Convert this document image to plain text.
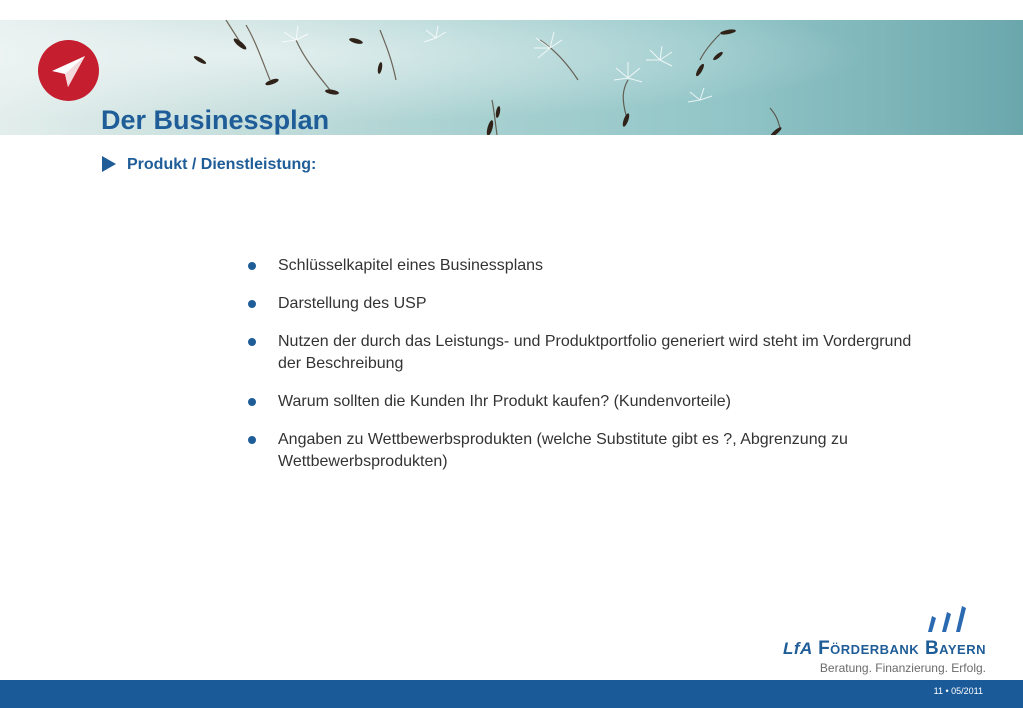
Der Businessplan
Produkt / Dienstleistung:
Schlüsselkapitel eines Businessplans
Darstellung des USP
Nutzen der durch das Leistungs- und Produktportfolio generiert wird steht im Vordergrund der Beschreibung
Warum sollten die Kunden Ihr Produkt kaufen? (Kundenvorteile)
Angaben zu Wettbewerbsprodukten (welche Substitute gibt es ?, Abgrenzung zu Wettbewerbsprodukten)
LfA Förderbank Bayern
Beratung. Finanzierung. Erfolg.
11 • 05/2011
